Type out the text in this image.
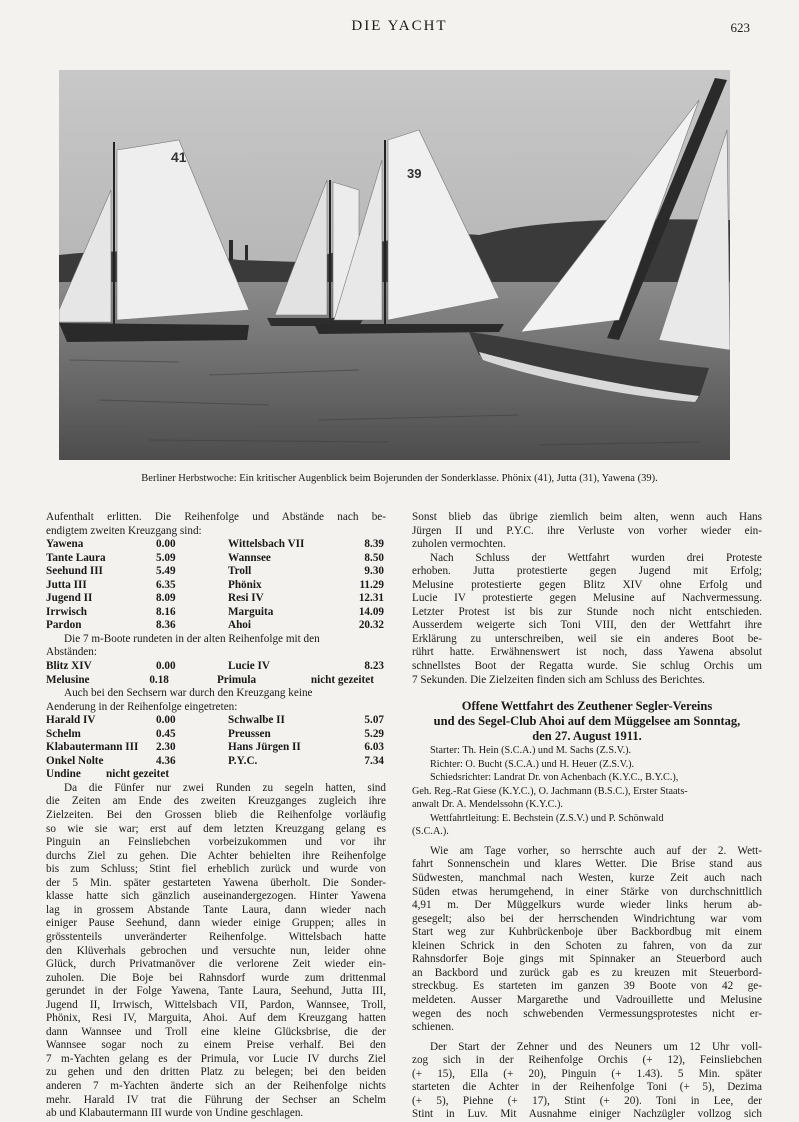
DIE YACHT	623
41
39
Berliner Herbstwoche: Ein kritischer Augenblick beim Bojerunden der Sonderklasse. Phönix (41), Jutta (31), Yawena (39).
Aufenthalt erlitten. Die Reihenfolge und Abstände nach be-
endigtem zweiten Kreuzgang sind:
Yawena	0.00	Wittelsbach VII	8.39
Tante Laura	5.09	Wannsee	8.50
Seehund III	5.49	Troll	9.30
Jutta III	6.35	Phönix	11.29
Jugend II	8.09	Resi IV	12.31
Irrwisch	8.16	Marguita	14.09
Pardon	8.36	Ahoi	20.32
Die 7 m-Boote rundeten in der alten Reihenfolge mit den
Abständen:
Blitz XIV	0.00	Lucie IV	8.23
Melusine	0.18	Primula	nicht gezeitet
Auch bei den Sechsern war durch den Kreuzgang keine
Aenderung in der Reihenfolge eingetreten:
Harald IV	0.00	Schwalbe II	5.07
Schelm	0.45	Preussen	5.29
Klabautermann III	2.30	Hans Jürgen II	6.03
Onkel Nolte	4.36	P.Y.C.	7.34
Undine	nicht gezeitet
Da die Fünfer nur zwei Runden zu segeln hatten, sind
die Zeiten am Ende des zweiten Kreuzganges zugleich ihre
Zielzeiten. Bei den Grossen blieb die Reihenfolge vorläufig
so wie sie war; erst auf dem letzten Kreuzgang gelang es
Pinguin an Feinsliebchen vorbeizukommen und vor ihr
durchs Ziel zu gehen. Die Achter behielten ihre Reihenfolge
bis zum Schluss; Stint fiel erheblich zurück und wurde von
der 5 Min. später gestarteten Yawena überholt. Die Sonder-
klasse hatte sich gänzlich auseinandergezogen. Hinter Yawena
lag in grossem Abstande Tante Laura, dann wieder nach
einiger Pause Seehund, dann wieder einige Gruppen; alles in
grösstenteils unveränderter Reihenfolge. Wittelsbach hatte
den Klüverhals gebrochen und versuchte nun, leider ohne
Glück, durch Privatmanöver die verlorene Zeit wieder ein-
zuholen. Die Boje bei Rahnsdorf wurde zum drittenmal
gerundet in der Folge Yawena, Tante Laura, Seehund, Jutta III,
Jugend II, Irrwisch, Wittelsbach VII, Pardon, Wannsee, Troll,
Phönix, Resi IV, Marguita, Ahoi. Auf dem Kreuzgang hatten
dann Wannsee und Troll eine kleine Glücksbrise, die der
Wannsee sogar noch zu einem Preise verhalf. Bei den
7 m-Yachten gelang es der Primula, vor Lucie IV durchs Ziel
zu gehen und den dritten Platz zu belegen; bei den beiden
anderen 7 m-Yachten änderte sich an der Reihenfolge nichts
mehr. Harald IV trat die Führung der Sechser an Schelm
ab und Klabautermann III wurde von Undine geschlagen.
Sonst blieb das übrige ziemlich beim alten, wenn auch Hans
Jürgen II und P.Y.C. ihre Verluste von vorher wieder ein-
zuholen vermochten.
Nach Schluss der Wettfahrt wurden drei Proteste
erhoben. Jutta protestierte gegen Jugend mit Erfolg;
Melusine protestierte gegen Blitz XIV ohne Erfolg und
Lucie IV protestierte gegen Melusine auf Nachvermessung.
Letzter Protest ist bis zur Stunde noch nicht entschieden.
Ausserdem weigerte sich Toni VIII, den der Wettfahrt ihre
Erklärung zu unterschreiben, weil sie ein anderes Boot be-
rührt hatte. Erwähnenswert ist noch, dass Yawena absolut
schnellstes Boot der Regatta wurde. Sie schlug Orchis um
7 Sekunden. Die Zielzeiten finden sich am Schluss des Berichtes.
Offene Wettfahrt des Zeuthener Segler-Vereins
und des Segel-Club Ahoi auf dem Müggelsee am Sonntag,
den 27. August 1911.
Starter: Th. Hein (S.C.A.) und M. Sachs (Z.S.V.).
Richter: O. Bucht (S.C.A.) und H. Heuer (Z.S.V.).
Schiedsrichter: Landrat Dr. von Achenbach (K.Y.C., B.Y.C.),
Geh. Reg.-Rat Giese (K.Y.C.), O. Jachmann (B.S.C.), Erster Staats-
anwalt Dr. A. Mendelssohn (K.Y.C.).
Wettfahrtleitung: E. Bechstein (Z.S.V.) und P. Schönwald
(S.C.A.).
Wie am Tage vorher, so herrschte auch auf der 2. Wett-
fahrt Sonnenschein und klares Wetter. Die Brise stand aus
Südwesten, manchmal nach Westen, kurze Zeit auch nach
Süden etwas herumgehend, in einer Stärke von durchschnittlich
4,91 m. Der Müggelkurs wurde wieder links herum ab-
gesegelt; also bei der herrschenden Windrichtung war vom
Start weg zur Kuhbrückenboje über Backbordbug mit einem
kleinen Schrick in den Schoten zu fahren, von da zur
Rahnsdorfer Boje gings mit Spinnaker an Steuerbord auch
an Backbord und zurück gab es zu kreuzen mit Steuerbord-
streckbug. Es starteten im ganzen 39 Boote von 42 ge-
meldeten. Ausser Margarethe und Vadrouillette und Melusine
wegen des noch schwebenden Vermessungsprotestes nicht er-
schienen.
Der Start der Zehner und des Neuners um 12 Uhr voll-
zog sich in der Reihenfolge Orchis (+ 12), Feinsliebchen
(+ 15), Ella (+ 20), Pinguin (+ 1.43). 5 Min. später
starteten die Achter in der Reihenfolge Toni (+ 5), Dezima
(+ 5), Piehne (+ 17), Stint (+ 20). Toni in Lee, der
Stint in Luv. Mit Ausnahme einiger Nachzügler vollzog sich
